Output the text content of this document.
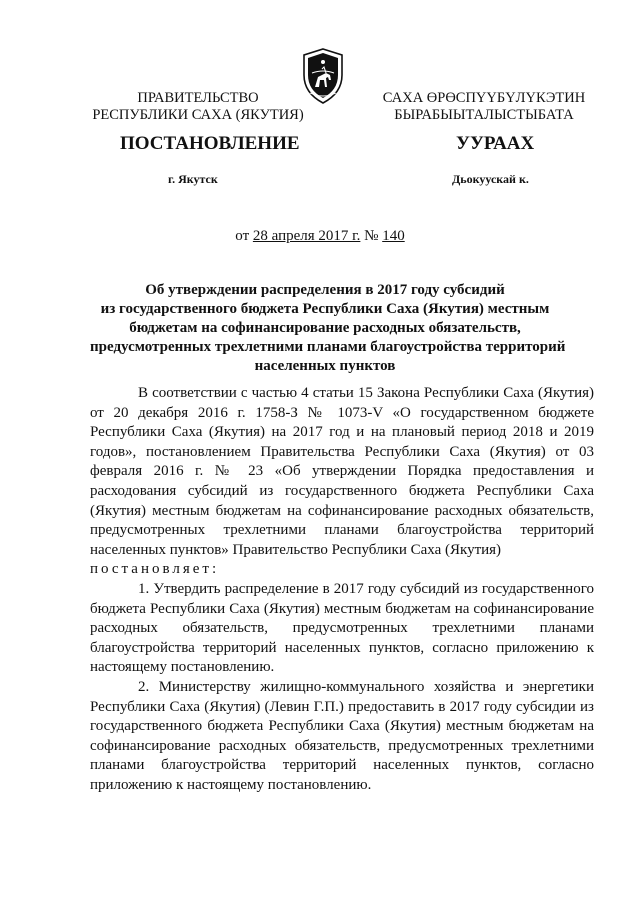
ПРАВИТЕЛЬСТВО
РЕСПУБЛИКИ САХА (ЯКУТИЯ)
САХА ӨРӨСПҮҮБҮЛҮКЭТИН
БЫРАБЫЫТАЛЫСТЫБАТА
ПОСТАНОВЛЕНИЕ	УУРААХ
г. Якутск	Дьокуускай к.
от 28 апреля 2017 г. № 140
Об утверждении распределения в 2017 году субсидий
из государственного бюджета Республики Саха (Якутия) местным
бюджетам на софинансирование расходных обязательств,
предусмотренных трехлетними планами благоустройства территорий
населенных пунктов

В соответствии с частью 4 статьи 15 Закона Республики Саха (Якутия) от 20 декабря 2016 г. 1758-З № 1073-V «О государственном бюджете Республики Саха (Якутия) на 2017 год и на плановый период 2018 и 2019 годов», постановлением Правительства Республики Саха (Якутия) от 03 февраля 2016 г. № 23 «Об утверждении Порядка предоставления и расходования субсидий из государственного бюджета Республики Саха (Якутия) местным бюджетам на софинансирование расходных обязательств, предусмотренных трехлетними планами благоустройства территорий населенных пунктов» Правительство Республики Саха (Якутия)

постановляет:

1. Утвердить распределение в 2017 году субсидий из государственного бюджета Республики Саха (Якутия) местным бюджетам на софинансирование расходных обязательств, предусмотренных трехлетними планами благоустройства территорий населенных пунктов, согласно приложению к настоящему постановлению.

2. Министерству жилищно-коммунального хозяйства и энергетики Республики Саха (Якутия) (Левин Г.П.) предоставить в 2017 году субсидии из государственного бюджета Республики Саха (Якутия) местным бюджетам на софинансирование расходных обязательств, предусмотренных трехлетними планами благоустройства территорий населенных пунктов, согласно приложению к настоящему постановлению.
